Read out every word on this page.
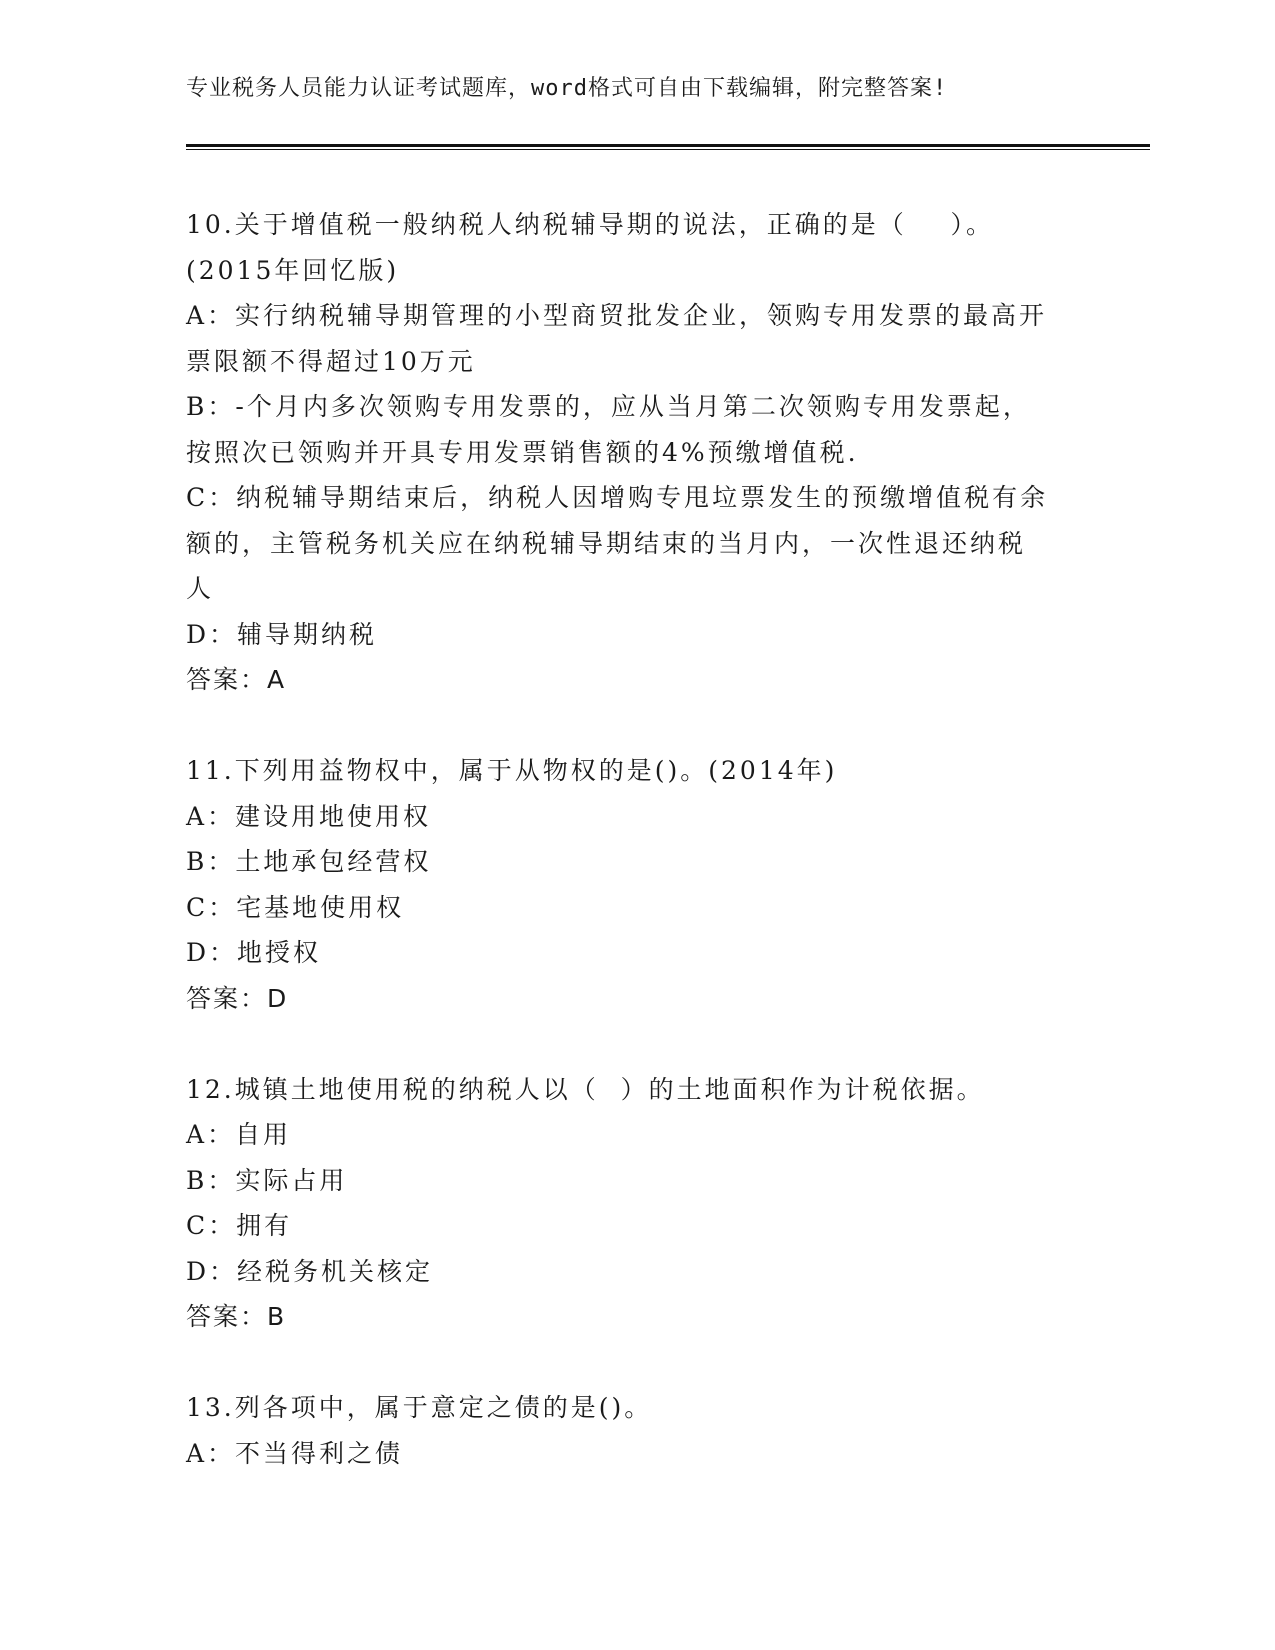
专业税务人员能力认证考试题库，word格式可自由下载编辑，附完整答案!
10.关于增值税一般纳税人纳税辅导期的说法，正确的是（    ）。
(2015年回忆版)
A：实行纳税辅导期管理的小型商贸批发企业，领购专用发票的最高开
票限额不得超过10万元
B：-个月内多次领购专用发票的，应从当月第二次领购专用发票起，
按照次已领购并开具专用发票销售额的4%预缴增值税.
C：纳税辅导期结束后，纳税人因增购专甩垃票发生的预缴增值税有余
额的，主管税务机关应在纳税辅导期结束的当月内，一次性退还纳税
人
D：辅导期纳税
答案：A
11.下列用益物权中，属于从物权的是()。(2014年)
A：建设用地使用权
B：土地承包经营权
C：宅基地使用权
D：地授权
答案：D
12.城镇土地使用税的纳税人以（  ）的土地面积作为计税依据。
A：自用
B：实际占用
C：拥有
D：经税务机关核定
答案：B
13.列各项中，属于意定之债的是()。
A：不当得利之债
